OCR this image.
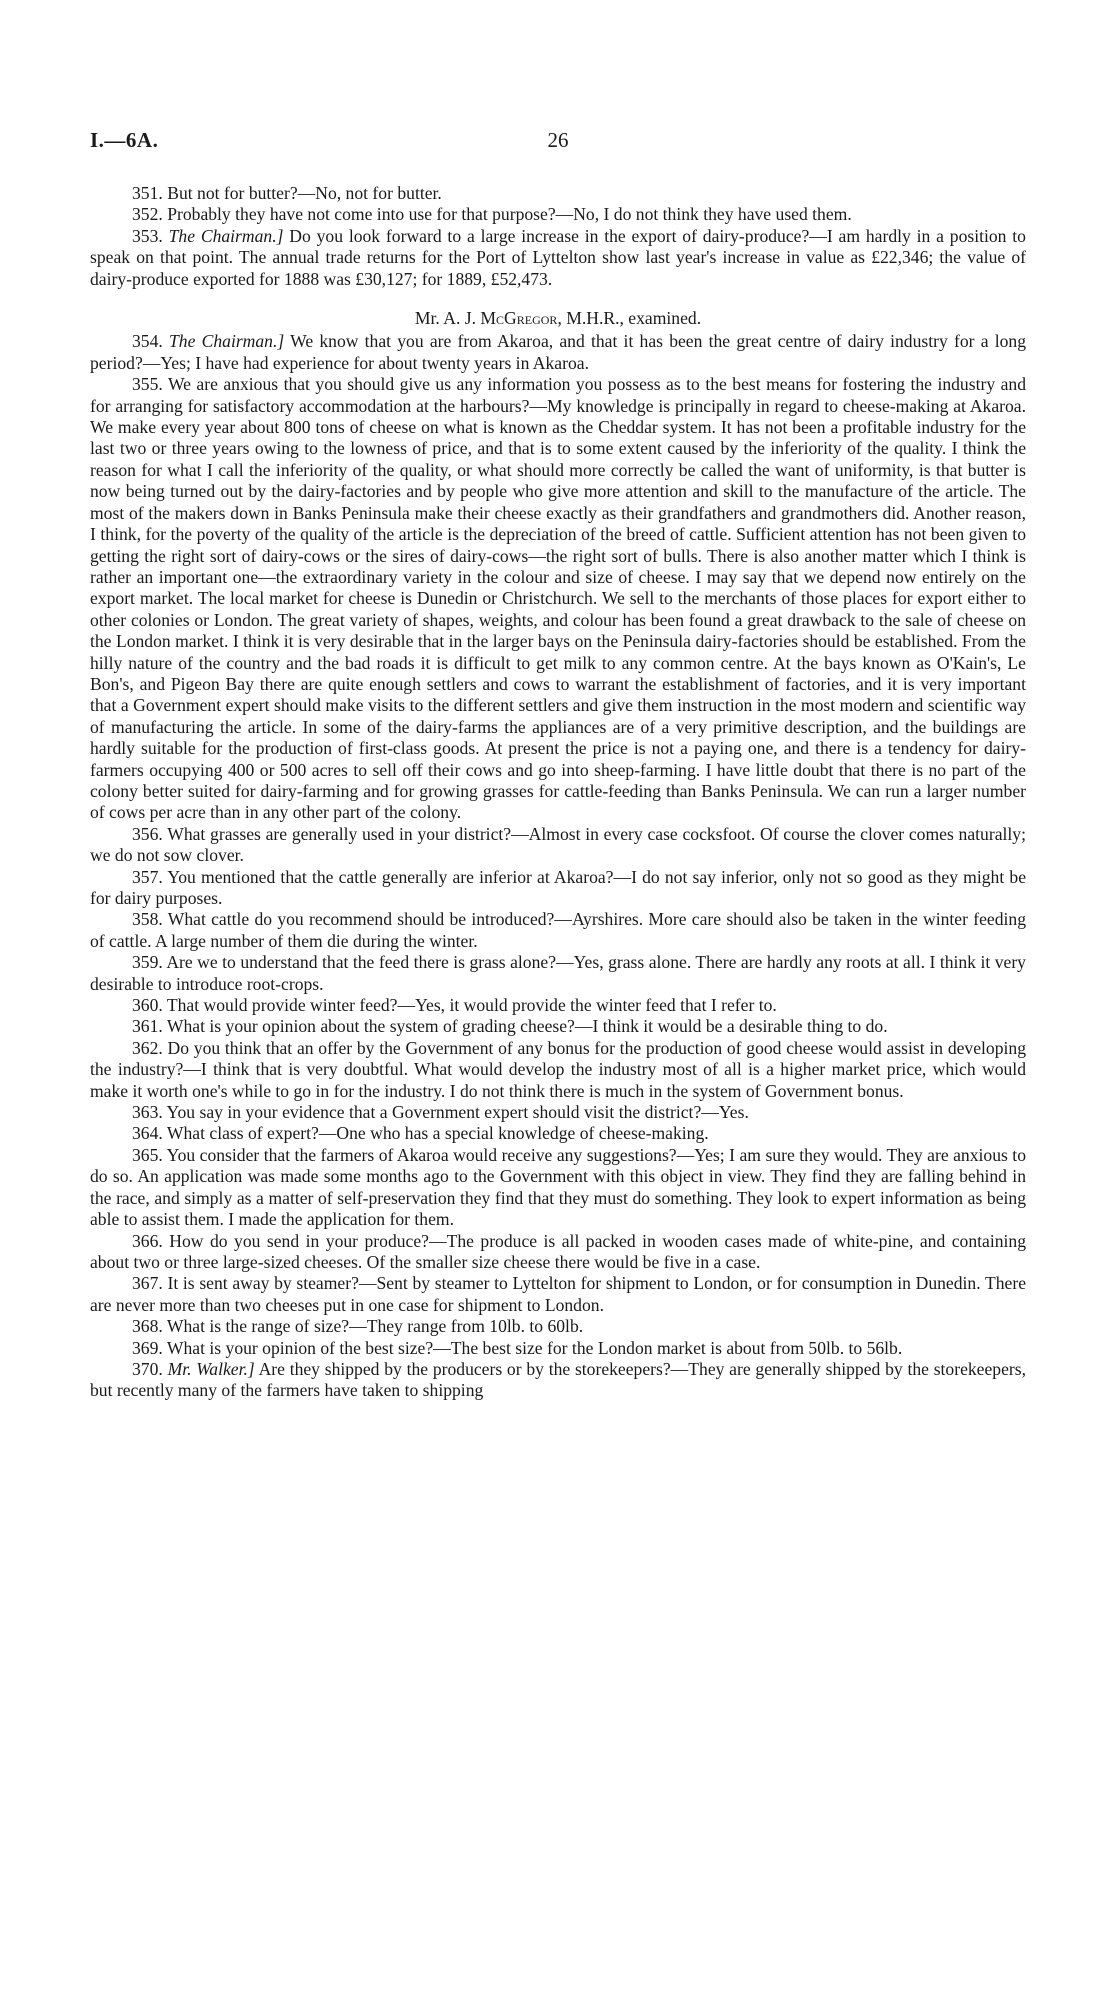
I.—6A.	26

351. But not for butter?—No, not for butter.

352. Probably they have not come into use for that purpose?—No, I do not think they have used them.

353. The Chairman.] Do you look forward to a large increase in the export of dairy-produce?—I am hardly in a position to speak on that point. The annual trade returns for the Port of Lyttelton show last year's increase in value as £22,346; the value of dairy-produce exported for 1888 was £30,127; for 1889, £52,473.

Mr. A. J. McGregor, M.H.R., examined.

354. The Chairman.] We know that you are from Akaroa, and that it has been the great centre of dairy industry for a long period?—Yes; I have had experience for about twenty years in Akaroa.

355. We are anxious that you should give us any information you possess as to the best means for fostering the industry and for arranging for satisfactory accommodation at the harbours?—My knowledge is principally in regard to cheese-making at Akaroa. We make every year about 800 tons of cheese on what is known as the Cheddar system. It has not been a profitable industry for the last two or three years owing to the lowness of price, and that is to some extent caused by the inferiority of the quality. I think the reason for what I call the inferiority of the quality, or what should more correctly be called the want of uniformity, is that butter is now being turned out by the dairy-factories and by people who give more attention and skill to the manufacture of the article. The most of the makers down in Banks Peninsula make their cheese exactly as their grandfathers and grandmothers did. Another reason, I think, for the poverty of the quality of the article is the depreciation of the breed of cattle. Sufficient attention has not been given to getting the right sort of dairy-cows or the sires of dairy-cows—the right sort of bulls. There is also another matter which I think is rather an important one—the extraordinary variety in the colour and size of cheese. I may say that we depend now entirely on the export market. The local market for cheese is Dunedin or Christchurch. We sell to the merchants of those places for export either to other colonies or London. The great variety of shapes, weights, and colour has been found a great drawback to the sale of cheese on the London market. I think it is very desirable that in the larger bays on the Peninsula dairy-factories should be established. From the hilly nature of the country and the bad roads it is difficult to get milk to any common centre. At the bays known as O'Kain's, Le Bon's, and Pigeon Bay there are quite enough settlers and cows to warrant the establishment of factories, and it is very important that a Government expert should make visits to the different settlers and give them instruction in the most modern and scientific way of manufacturing the article. In some of the dairy-farms the appliances are of a very primitive description, and the buildings are hardly suitable for the production of first-class goods. At present the price is not a paying one, and there is a tendency for dairy-farmers occupying 400 or 500 acres to sell off their cows and go into sheep-farming. I have little doubt that there is no part of the colony better suited for dairy-farming and for growing grasses for cattle-feeding than Banks Peninsula. We can run a larger number of cows per acre than in any other part of the colony.

356. What grasses are generally used in your district?—Almost in every case cocksfoot. Of course the clover comes naturally; we do not sow clover.

357. You mentioned that the cattle generally are inferior at Akaroa?—I do not say inferior, only not so good as they might be for dairy purposes.

358. What cattle do you recommend should be introduced?—Ayrshires. More care should also be taken in the winter feeding of cattle. A large number of them die during the winter.

359. Are we to understand that the feed there is grass alone?—Yes, grass alone. There are hardly any roots at all. I think it very desirable to introduce root-crops.

360. That would provide winter feed?—Yes, it would provide the winter feed that I refer to.

361. What is your opinion about the system of grading cheese?—I think it would be a desirable thing to do.

362. Do you think that an offer by the Government of any bonus for the production of good cheese would assist in developing the industry?—I think that is very doubtful. What would develop the industry most of all is a higher market price, which would make it worth one's while to go in for the industry. I do not think there is much in the system of Government bonus.

363. You say in your evidence that a Government expert should visit the district?—Yes.

364. What class of expert?—One who has a special knowledge of cheese-making.

365. You consider that the farmers of Akaroa would receive any suggestions?—Yes; I am sure they would. They are anxious to do so. An application was made some months ago to the Government with this object in view. They find they are falling behind in the race, and simply as a matter of self-preservation they find that they must do something. They look to expert information as being able to assist them. I made the application for them.

366. How do you send in your produce?—The produce is all packed in wooden cases made of white-pine, and containing about two or three large-sized cheeses. Of the smaller size cheese there would be five in a case.

367. It is sent away by steamer?—Sent by steamer to Lyttelton for shipment to London, or for consumption in Dunedin. There are never more than two cheeses put in one case for shipment to London.

368. What is the range of size?—They range from 10lb. to 60lb.

369. What is your opinion of the best size?—The best size for the London market is about from 50lb. to 56lb.

370. Mr. Walker.] Are they shipped by the producers or by the storekeepers?—They are generally shipped by the storekeepers, but recently many of the farmers have taken to shipping
